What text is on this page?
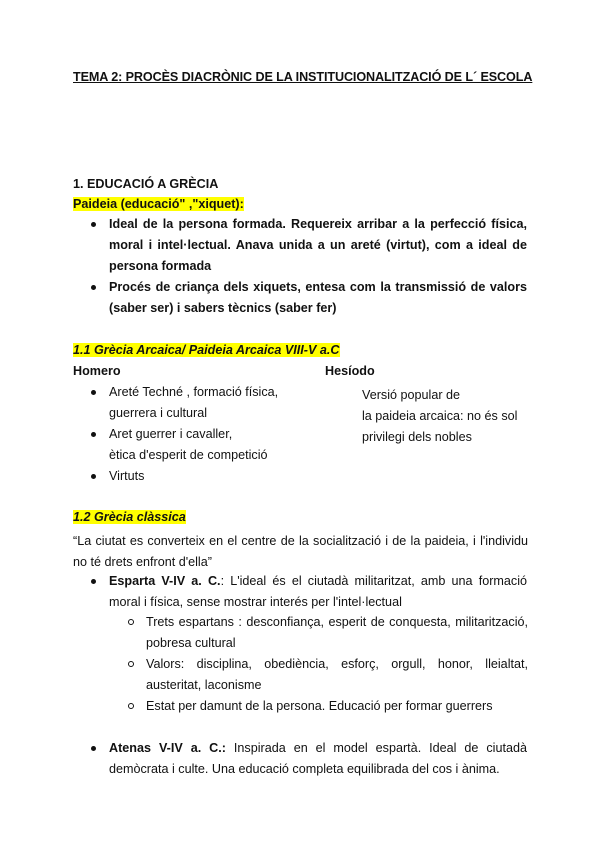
TEMA 2: PROCÈS DIACRÒNIC DE LA INSTITUCIONALITZACIÓ DE L´ ESCOLA
1. EDUCACIÓ A GRÈCIA
Paideia (educació" ,"xiquet):
Ideal de la persona formada. Requereix arribar a la perfecció física, moral i intel·lectual. Anava unida a un areté (virtut), com a ideal de persona formada
Procés de criança dels xiquets, entesa com la transmissió de valors (saber ser) i sabers tècnics (saber fer)
1.1 Grècia Arcaica/ Paideia Arcaica VIII-V a.C
Homero	Hesíodo
Areté Techné , formació física,
guerrera i cultural
Aret guerrer i cavaller,
ètica d'esperit de competició
Virtuts
Versió popular de
la paideia arcaica: no és sol
privilegi dels nobles
1.2 Grècia clàssica
“La ciutat es converteix en el centre de la socialització i de la paideia, i l'individu no té drets enfront d'ella”
Esparta V-IV a. C.: L'ideal és el ciutadà militaritzat, amb una formació moral i física, sense mostrar interés per l'intel·lectual
Trets espartans : desconfiança, esperit de conquesta, militarització, pobresa cultural
Valors: disciplina, obediència, esforç, orgull, honor, lleialtat, austeritat, laconisme
Estat per damunt de la persona. Educació per formar guerrers
Atenas V-IV a. C.: Inspirada en el model espartà. Ideal de ciutadà demòcrata i culte. Una educació completa equilibrada del cos i ànima.
